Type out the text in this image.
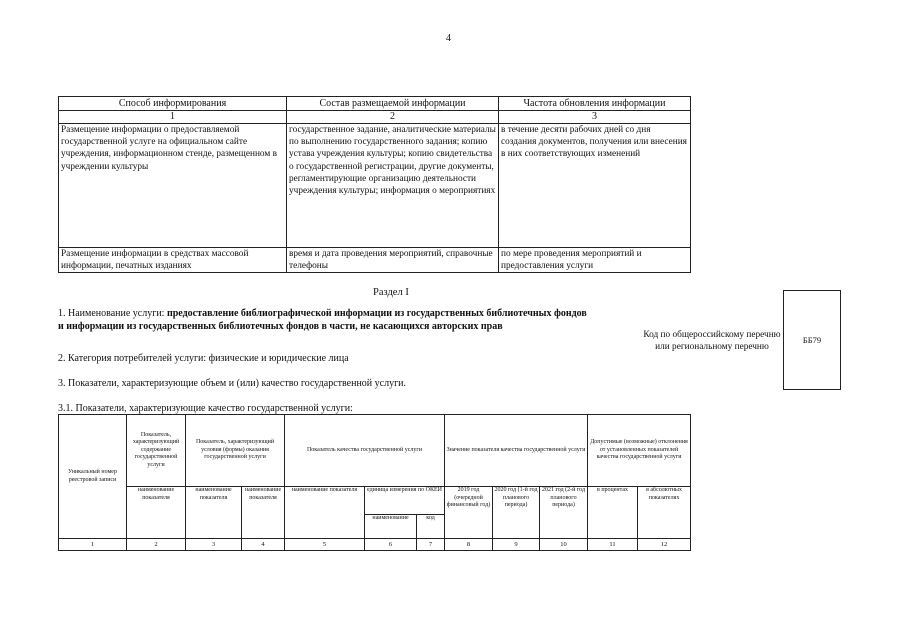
4
Способ информирования	Состав размещаемой информации	Частота обновления информации
1	2	3
Размещение информации о предоставляемой государственной услуге на официальном сайте учреждения, информационном стенде, размещенном в учреждении культуры	государственное задание, аналитические материалы по выполнению государственного задания; копию устава учреждения культуры; копию свидетельства о государственной регистрации, другие документы, регламентирующие организацию деятельности учреждения культуры; информация о мероприятиях	в течение десяти рабочих дней со дня создания документов, получения или внесения в них соответствующих изменений
Размещение информации в средствах массовой информации, печатных изданиях	время и дата проведения мероприятий, справочные телефоны	по мере проведения мероприятий и предоставления услуги
Раздел I
1. Наименование услуги: предоставление библиографической информации из государственных библиотечных фондов и информации из государственных библиотечных фондов в части, не касающихся авторских прав
2. Категория потребителей услуги: физические и юридические лица
3. Показатели, характеризующие объем и (или) качество государственной услуги.
3.1. Показатели, характеризующие качество государственной услуги:
Код по общероссийскому перечню или региональному перечню
ББ79
Уникальный номер реестровой записи	Показатель, характеризующий содержание государственной услуги	Показатель, характеризующий условия (формы) оказания государственной услуги		Показатель качества государственной услуги			Значение показателя качества государственной услуги			Допустимые (возможные) отклонения от установленных показателей качества государственной услуги	
	наименование показателя	наименование показателя	наименование показателя	наименование показателя	единица измерения по ОКЕИ		2019 год (очередной финансовый год)	2020 год (1-й год планового периода)	2021 год (2-й год планового периода)	в процентах	в абсолютных показателях
					наименование	код					
1	2	3	4	5	6	7	8	9	10	11	12
